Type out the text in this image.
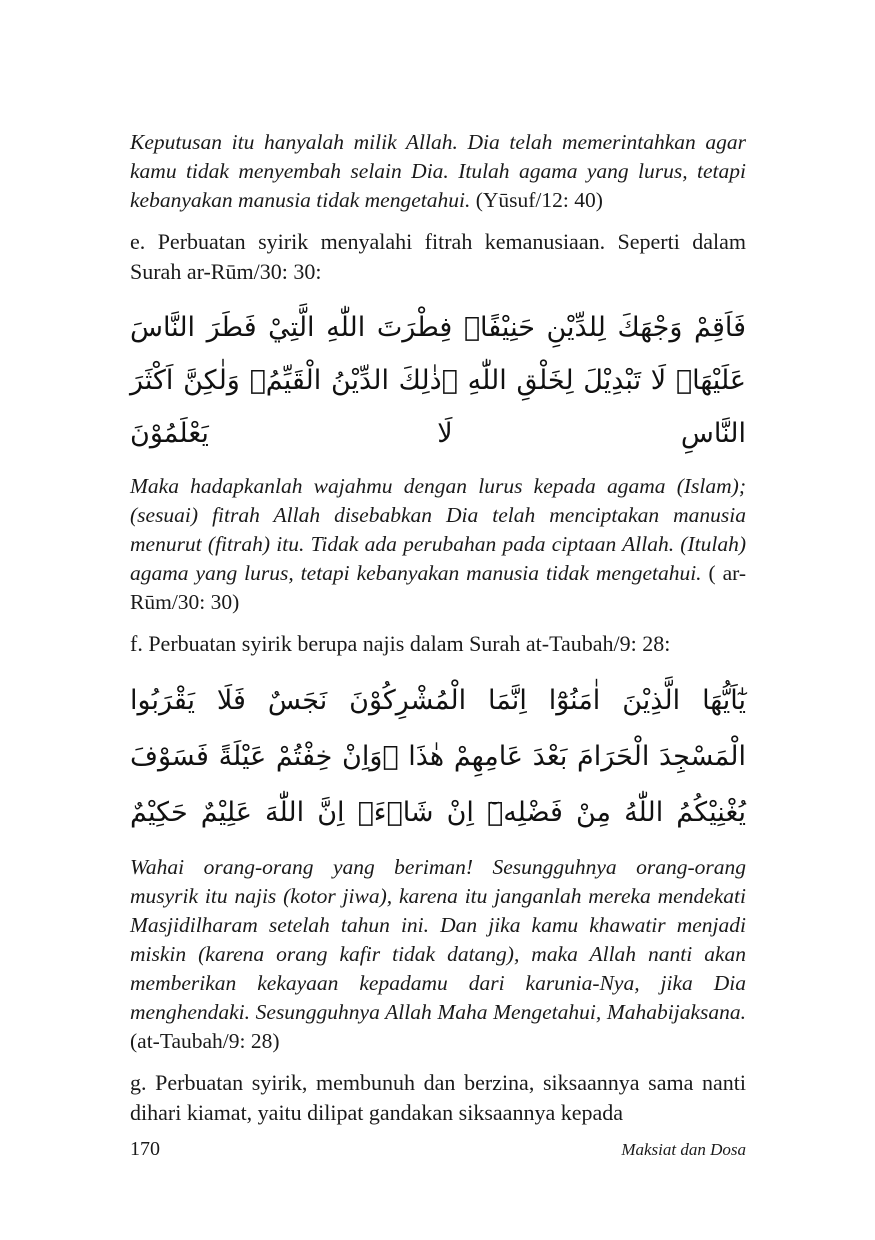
Keputusan itu hanyalah milik Allah. Dia telah memerintahkan agar kamu tidak menyembah selain Dia. Itulah agama yang lurus, tetapi kebanyakan manusia tidak mengetahui. (Yūsuf/12: 40)

e. Perbuatan syirik menyalahi fitrah kemanusiaan. Seperti dalam Surah ar-Rūm/30: 30:

فَاَقِمْ وَجْهَكَ لِلدِّيْنِ حَنِيْفًاۗ فِطْرَتَ اللّٰهِ الَّتِيْ فَطَرَ النَّاسَ عَلَيْهَاۗ لَا تَبْدِيْلَ لِخَلْقِ اللّٰهِ ۗذٰلِكَ الدِّيْنُ الْقَيِّمُۙ وَلٰكِنَّ اَكْثَرَ النَّاسِ لَا يَعْلَمُوْنَ

Maka hadapkanlah wajahmu dengan lurus kepada agama (Islam); (sesuai) fitrah Allah disebabkan Dia telah menciptakan manusia menurut (fitrah) itu. Tidak ada perubahan pada ciptaan Allah. (Itulah) agama yang lurus, tetapi kebanyakan manusia tidak mengetahui. ( ar-Rūm/30: 30)

f. Perbuatan syirik berupa najis dalam Surah at-Taubah/9: 28:

يٰٓاَيُّهَا الَّذِيْنَ اٰمَنُوْٓا اِنَّمَا الْمُشْرِكُوْنَ نَجَسٌ فَلَا يَقْرَبُوا الْمَسْجِدَ الْحَرَامَ بَعْدَ عَامِهِمْ هٰذَا ۚوَاِنْ خِفْتُمْ عَيْلَةً فَسَوْفَ يُغْنِيْكُمُ اللّٰهُ مِنْ فَضْلِهٖٓ اِنْ شَاۤءَۗ اِنَّ اللّٰهَ عَلِيْمٌ حَكِيْمٌ

Wahai orang-orang yang beriman! Sesungguhnya orang-orang musyrik itu najis (kotor jiwa), karena itu janganlah mereka mendekati Masjidilharam setelah tahun ini. Dan jika kamu khawatir menjadi miskin (karena orang kafir tidak datang), maka Allah nanti akan memberikan kekayaan kepadamu dari karunia-Nya, jika Dia menghendaki. Sesungguhnya Allah Maha Mengetahui, Mahabijaksana. (at-Taubah/9: 28)

g. Perbuatan syirik, membunuh dan berzina, siksaannya sama nanti dihari kiamat, yaitu dilipat gandakan siksaannya kepada

170	Maksiat dan Dosa
